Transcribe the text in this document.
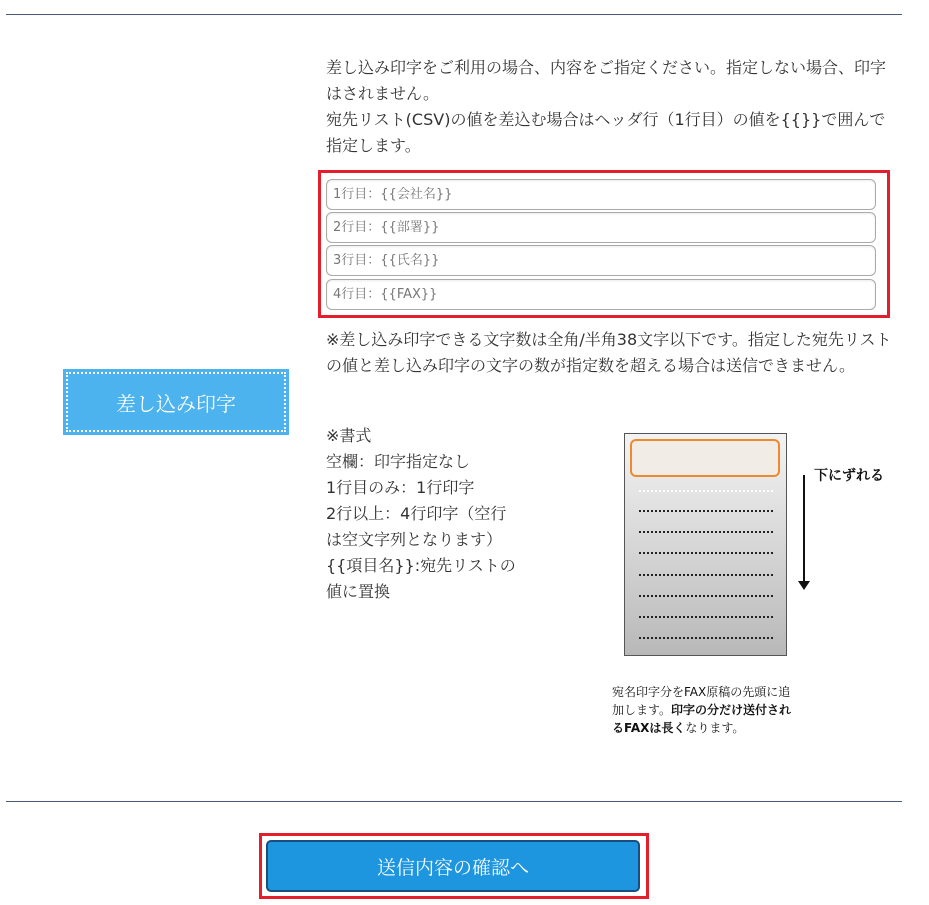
差し込み印字

差し込み印字をご利用の場合、内容をご指定ください。指定しない場合、印字はされません。

宛先リスト(CSV)の値を差込む場合はヘッダ行（1行目）の値を{{}}で囲んで指定します。

1行目：{{会社名}}
2行目：{{部署}}
3行目：{{氏名}}
4行目：{{FAX}}
※差し込み印字できる文字数は全角/半角38文字以下です。指定した宛先リストの値と差し込み印字の文字の数が指定数を超える場合は送信できません。
※書式
空欄：印字指定なし
1行目のみ：1行印字
2行以上：4行印字（空行は空文字列となります）
{{項目名}}:宛先リストの値に置換
下にずれる
宛名印字分をFAX原稿の先頭に追加します。印字の分だけ送付されるFAXは長くなります。
送信内容の確認へ
